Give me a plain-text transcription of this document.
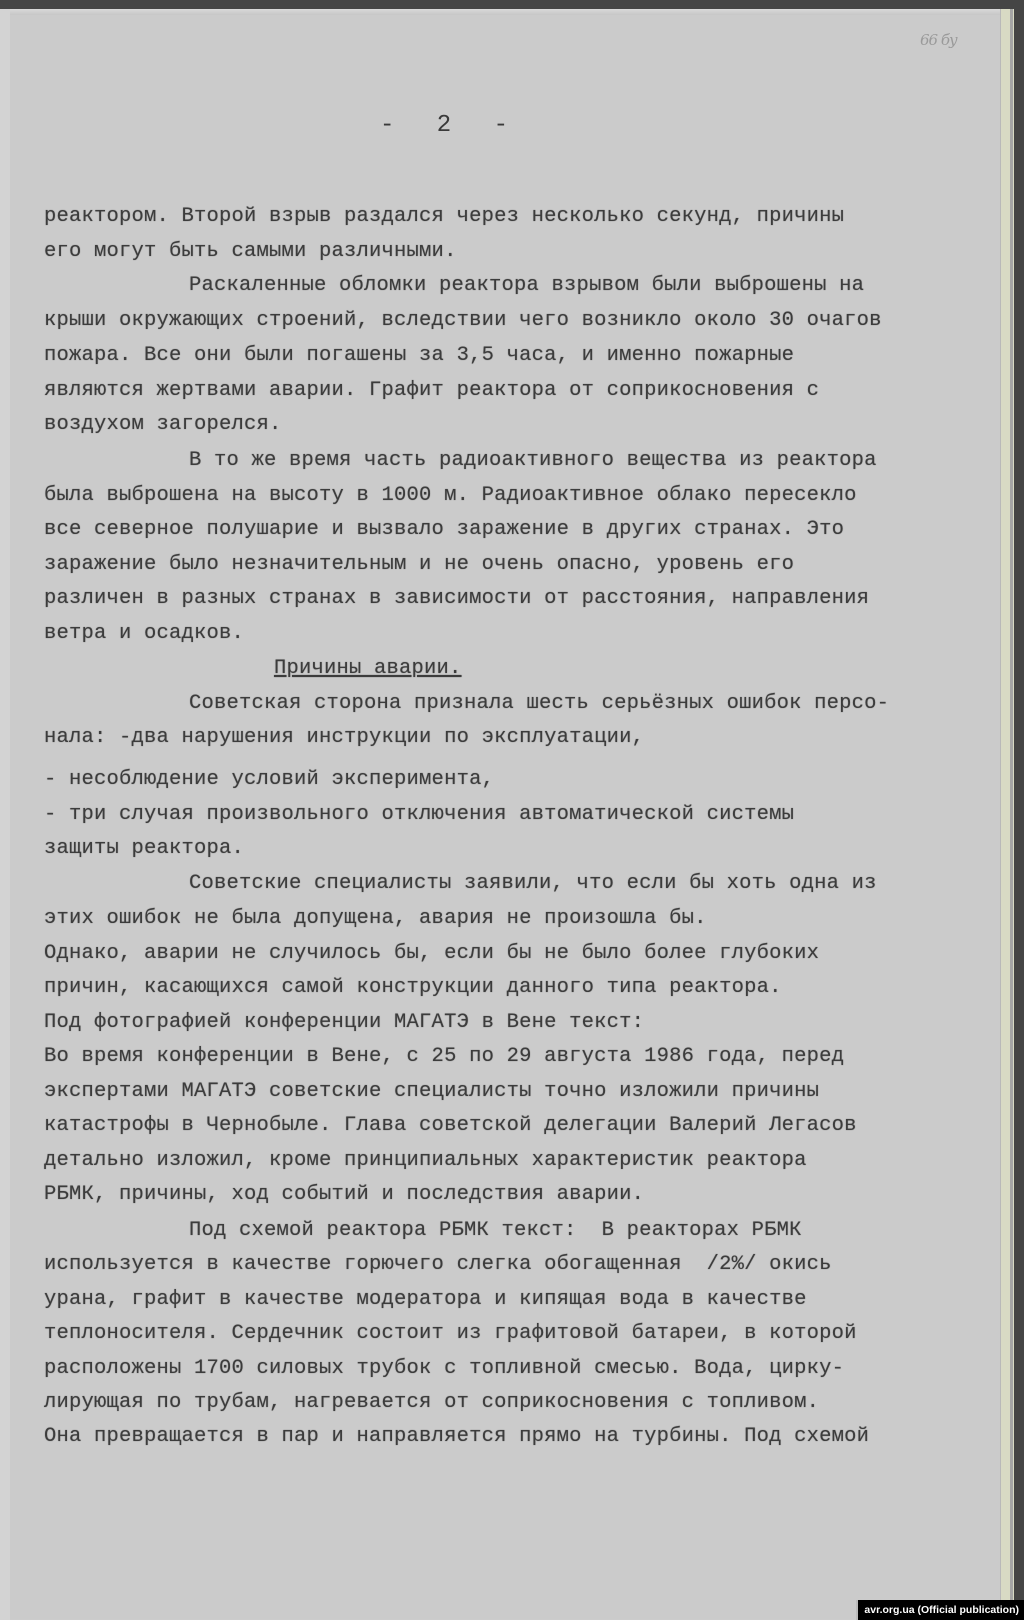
66 бу
- 2 -
реактором. Второй взрыв раздался через несколько секунд, причины
его могут быть самыми различными.
Раскаленные обломки реактора взрывом были выброшены на
крыши окружающих строений, вследствии чего возникло около 30 очагов
пожара. Все они были погашены за 3,5 часа, и именно пожарные
являются жертвами аварии. Графит реактора от соприкосновения с
воздухом загорелся.
В то же время часть радиоактивного вещества из реактора
была выброшена на высоту в 1000 м. Радиоактивное облако пересекло
все северное полушарие и вызвало заражение в других странах. Это
заражение было незначительным и не очень опасно, уровень его
различен в разных странах в зависимости от расстояния, направления
ветра и осадков.
Причины аварии.
Советская сторона признала шесть серьёзных ошибок персо-
нала: -два нарушения инструкции по эксплуатации,
- несоблюдение условий эксперимента,
- три случая произвольного отключения автоматической системы
защиты реактора.
Советские специалисты заявили, что если бы хоть одна из
этих ошибок не была допущена, авария не произошла бы.
Однако, аварии не случилось бы, если бы не было более глубоких
причин, касающихся самой конструкции данного типа реактора.
Под фотографией конференции МАГАТЭ в Вене текст:
Во время конференции в Вене, с 25 по 29 августа 1986 года, перед
экспертами МАГАТЭ советские специалисты точно изложили причины
катастрофы в Чернобыле. Глава советской делегации Валерий Легасов
детально изложил, кроме принципиальных характеристик реактора
РБМК, причины, ход событий и последствия аварии.
Под схемой реактора РБМК текст:  В реакторах РБМК
используется в качестве горючего слегка обогащенная  /2%/ окись
урана, графит в качестве модератора и кипящая вода в качестве
теплоносителя. Сердечник состоит из графитовой батареи, в которой
расположены 1700 силовых трубок с топливной смесью. Вода, цирку-
лирующая по трубам, нагревается от соприкосновения с топливом.
Она превращается в пар и направляется прямо на турбины. Под схемой
avr.org.ua (Official publication)
